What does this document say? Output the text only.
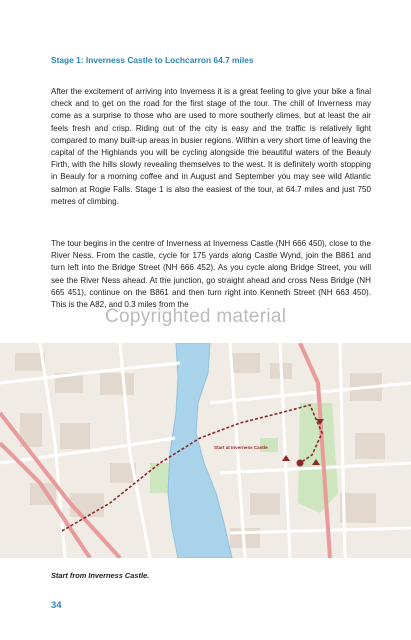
Stage 1: Inverness Castle to Lochcarron 64.7 miles

After the excitement of arriving into Inverness it is a great feeling to give your bike a final check and to get on the road for the first stage of the tour. The chill of Inverness may come as a surprise to those who are used to more southerly climes, but at least the air feels fresh and crisp. Riding out of the city is easy and the traffic is relatively light compared to many built-up areas in busier regions. Within a very short time of leaving the capital of the Highlands you will be cycling alongside the beautiful waters of the Beauly Firth, with the hills slowly revealing themselves to the west. It is definitely worth stopping in Beauly for a morning coffee and in August and September you may see wild Atlantic salmon at Rogie Falls. Stage 1 is also the easiest of the tour, at 64.7 miles and just 750 metres of climbing.

The tour begins in the centre of Inverness at Inverness Castle (NH 666 450), close to the River Ness. From the castle, cycle for 175 yards along Castle Wynd, join the B861 and turn left into the Bridge Street (NH 666 452). As you cycle along Bridge Street, you will see the River Ness ahead. At the junction, go straight ahead and cross Ness Bridge (NH 665 451), continue on the B861 and then turn right into Kenneth Street (NH 663 450). This is the A82, and 0.3 miles from the

Copyrighted material
Start at Inverness Castle

Start from Inverness Castle.

34
